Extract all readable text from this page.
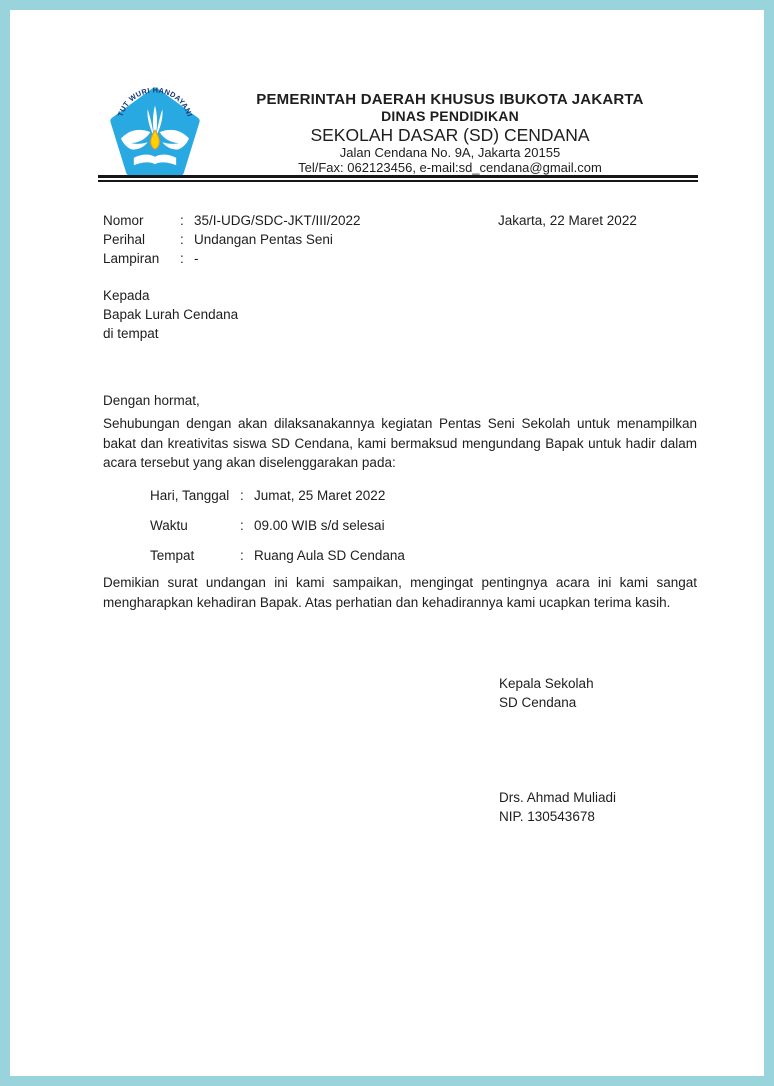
TUT WURI HANDAYANI
PEMERINTAH DAERAH KHUSUS IBUKOTA JAKARTA
DINAS PENDIDIKAN
SEKOLAH DASAR (SD) CENDANA
Jalan Cendana No. 9A, Jakarta 20155
Tel/Fax: 062123456, e-mail:sd_cendana@gmail.com
Nomor	: 35/I-UDG/SDC-JKT/III/2022
Perihal	: Undangan Pentas Seni
Lampiran	: -
Jakarta, 22 Maret 2022
Kepada
Bapak Lurah Cendana
di tempat
Dengan hormat,
Sehubungan dengan akan dilaksanakannya kegiatan Pentas Seni Sekolah untuk menampilkan bakat dan kreativitas siswa SD Cendana, kami bermaksud mengundang Bapak untuk hadir dalam acara tersebut yang akan diselenggarakan pada:
Hari, Tanggal : Jumat, 25 Maret 2022
Waktu	: 09.00 WIB s/d selesai
Tempat	: Ruang Aula SD Cendana
Demikian surat undangan ini kami sampaikan, mengingat pentingnya acara ini kami sangat mengharapkan kehadiran Bapak. Atas perhatian dan kehadirannya kami ucapkan terima kasih.
Kepala Sekolah
SD Cendana
Drs. Ahmad Muliadi
NIP. 130543678
